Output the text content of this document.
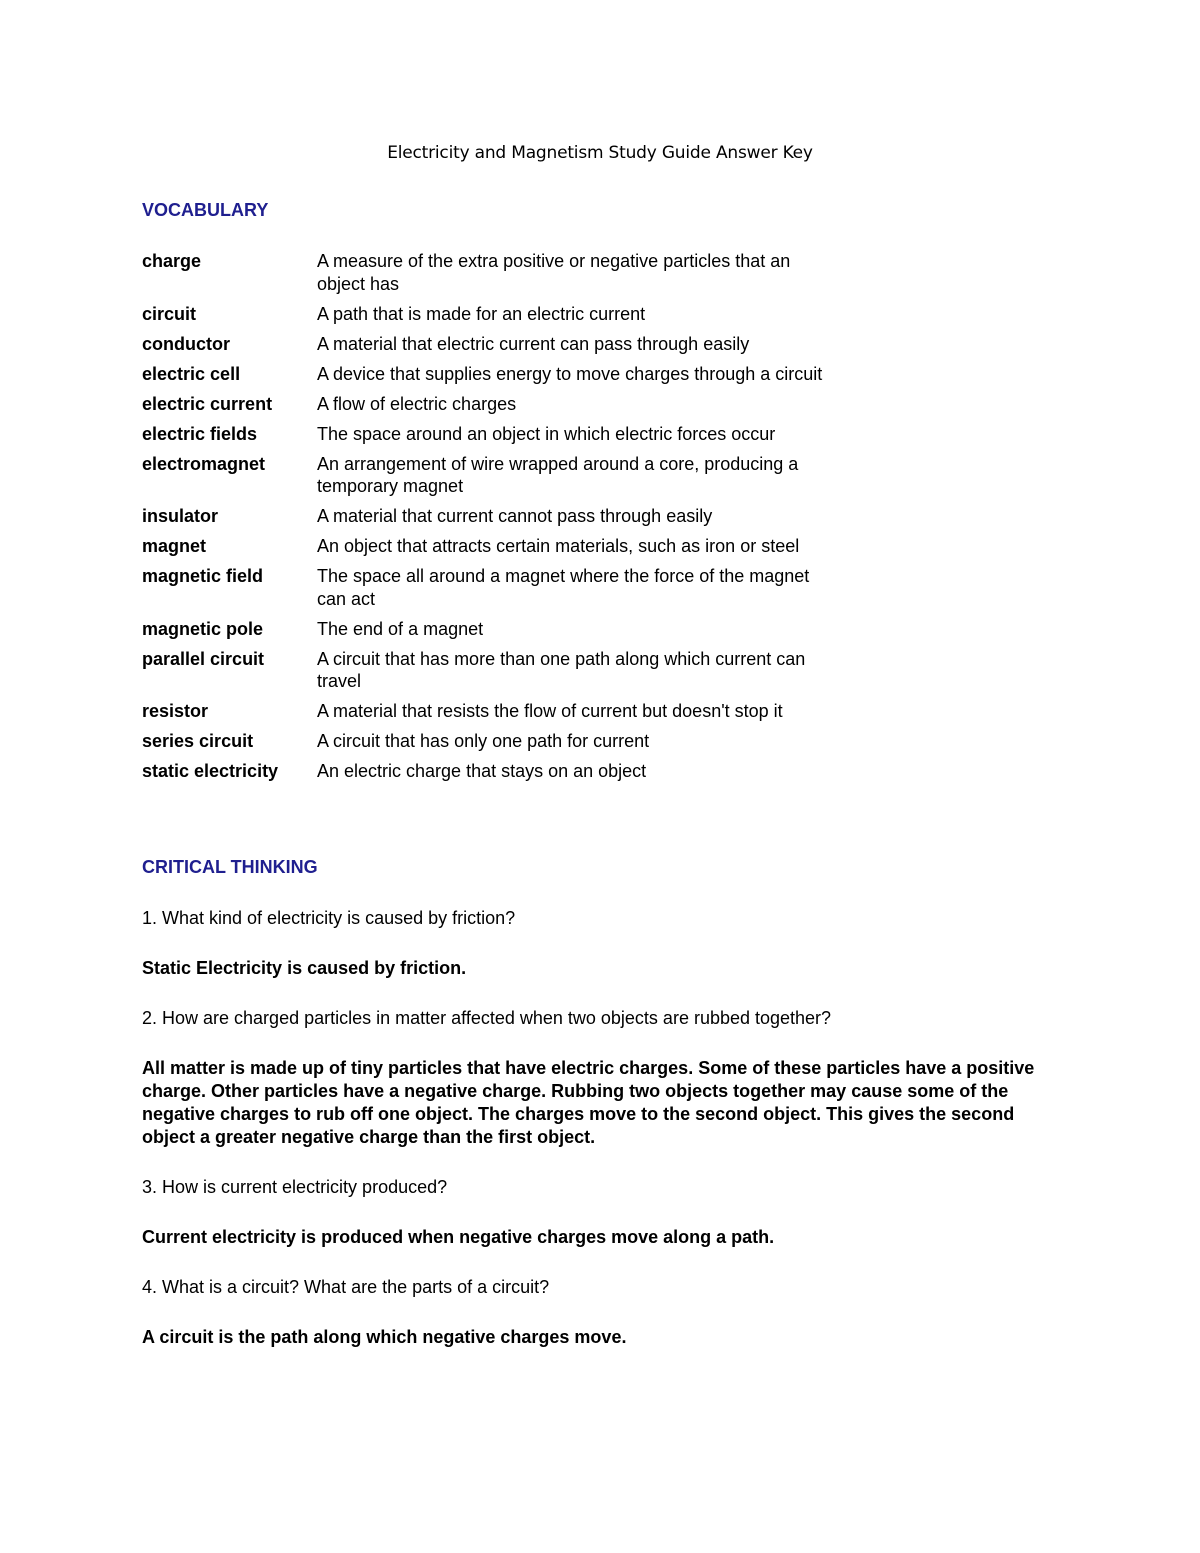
Electricity and Magnetism Study Guide Answer Key
VOCABULARY
charge	A measure of the extra positive or negative particles that an object has
circuit	A path that is made for an electric current
conductor	A material that electric current can pass through easily
electric cell	A device that supplies energy to move charges through a circuit
electric current	A flow of electric charges
electric fields	The space around an object in which electric forces occur
electromagnet	An arrangement of wire wrapped around a core, producing a temporary magnet
insulator	A material that current cannot pass through easily
magnet	An object that attracts certain materials, such as iron or steel
magnetic field	The space all around a magnet where the force of the magnet can act
magnetic pole	The end of a magnet
parallel circuit	A circuit that has more than one path along which current can travel
resistor	A material that resists the flow of current but doesn't stop it
series circuit	A circuit that has only one path for current
static electricity	An electric charge that stays on an object
CRITICAL THINKING

1. What kind of electricity is caused by friction?

Static Electricity is caused by friction.

2. How are charged particles in matter affected when two objects are rubbed together?

All matter is made up of tiny particles that have electric charges. Some of these particles have a positive charge. Other particles have a negative charge. Rubbing two objects together may cause some of the negative charges to rub off one object. The charges move to the second object. This gives the second object a greater negative charge than the first object.

3. How is current electricity produced?

Current electricity is produced when negative charges move along a path.

4. What is a circuit? What are the parts of a circuit?

A circuit is the path along which negative charges move.
